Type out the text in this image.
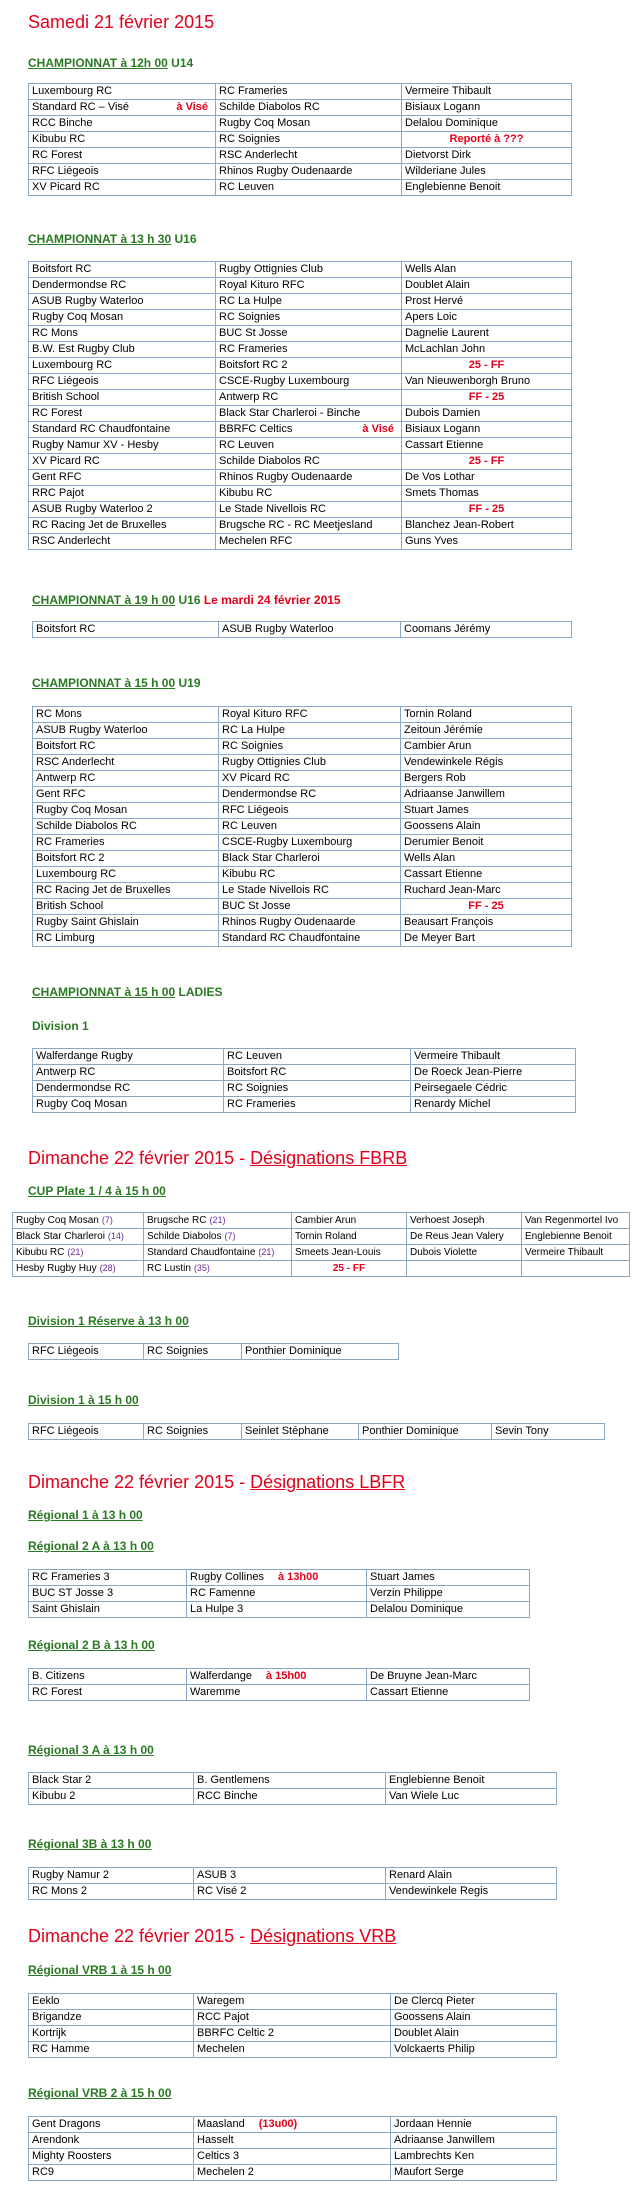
Samedi 21 février 2015
CHAMPIONNAT à 12h 00 U14
Luxembourg RC	RC Frameries	Vermeire Thibault
Standard RC – Visé à Visé	Schilde Diabolos RC	Bisiaux Logann
RCC Binche	Rugby Coq Mosan	Delalou Dominique
Kibubu RC	RC Soignies	Reporté à ???
RC Forest	RSC Anderlecht	Dietvorst Dirk
RFC Liégeois	Rhinos Rugby Oudenaarde	Wilderiane Jules
XV Picard RC	RC Leuven	Englebienne Benoit
CHAMPIONNAT à 13 h 30 U16
Boitsfort RC	Rugby Ottignies Club	Wells Alan
Dendermondse RC	Royal Kituro RFC	Doublet Alain
ASUB Rugby Waterloo	RC La Hulpe	Prost Hervé
Rugby Coq Mosan	RC Soignies	Apers Loic
RC Mons	BUC St Josse	Dagnelie Laurent
B.W. Est Rugby Club	RC Frameries	McLachlan John
Luxembourg RC	Boitsfort RC 2	25 - FF
RFC Liégeois	CSCE-Rugby Luxembourg	Van Nieuwenborgh Bruno
British School	Antwerp RC	FF - 25
RC Forest	Black Star Charleroi - Binche	Dubois Damien
Standard RC Chaudfontaine	BBRFC Celtics à Visé	Bisiaux Logann
Rugby Namur XV - Hesby	RC Leuven	Cassart Etienne
XV Picard RC	Schilde Diabolos RC	25 - FF
Gent RFC	Rhinos Rugby Oudenaarde	De Vos Lothar
RRC Pajot	Kibubu RC	Smets Thomas
ASUB Rugby Waterloo 2	Le Stade Nivellois RC	FF - 25
RC Racing Jet de Bruxelles	Brugsche RC - RC Meetjesland	Blanchez Jean-Robert
RSC Anderlecht	Mechelen RFC	Guns Yves
CHAMPIONNAT à 19 h 00 U16 Le mardi 24 février 2015
Boitsfort RC	ASUB Rugby Waterloo	Coomans Jérémy
CHAMPIONNAT à 15 h 00 U19
RC Mons	Royal Kituro RFC	Tornin Roland
ASUB Rugby Waterloo	RC La Hulpe	Zeitoun Jérémie
Boitsfort RC	RC Soignies	Cambier Arun
RSC Anderlecht	Rugby Ottignies Club	Vendewinkele Régis
Antwerp RC	XV Picard RC	Bergers Rob
Gent RFC	Dendermondse RC	Adriaanse Janwillem
Rugby Coq Mosan	RFC Liégeois	Stuart James
Schilde Diabolos RC	RC Leuven	Goossens Alain
RC Frameries	CSCE-Rugby Luxembourg	Derumier Benoit
Boitsfort RC 2	Black Star Charleroi	Wells Alan
Luxembourg RC	Kibubu RC	Cassart Etienne
RC Racing Jet de Bruxelles	Le Stade Nivellois RC	Ruchard Jean-Marc
British School	BUC St Josse	FF - 25
Rugby Saint Ghislain	Rhinos Rugby Oudenaarde	Beausart François
RC Limburg	Standard RC Chaudfontaine	De Meyer Bart
CHAMPIONNAT à 15 h 00 LADIES
Division 1
Walferdange Rugby	RC Leuven	Vermeire Thibault
Antwerp RC	Boitsfort RC	De Roeck Jean-Pierre
Dendermondse RC	RC Soignies	Peirsegaele Cédric
Rugby Coq Mosan	RC Frameries	Renardy Michel
Dimanche 22 février 2015 - Désignations FBRB
CUP Plate 1 / 4 à 15 h 00
Rugby Coq Mosan (7)	Brugsche RC (21)	Cambier Arun	Verhoest Joseph	Van Regenmortel Ivo
Black Star Charleroi (14)	Schilde Diabolos (7)	Tornin Roland	De Reus Jean Valery	Englebienne Benoit
Kibubu RC (21)	Standard Chaudfontaine (21)	Smeets Jean-Louis	Dubois Violette	Vermeire Thibault
Hesby Rugby Huy (28)	RC Lustin (35)	25 - FF		
Division 1 Réserve à 13 h 00
RFC Liégeois	RC Soignies	Ponthier Dominique
Division 1 à 15 h 00
RFC Liégeois	RC Soignies	Seinlet Stéphane	Ponthier Dominique	Sevin Tony
Dimanche 22 février 2015 - Désignations LBFR
Régional 1 à 13 h 00
Régional 2 A à 13 h 00
RC Frameries 3	Rugby Collines à 13h00	Stuart James
BUC ST Josse 3	RC Famenne	Verzin Philippe
Saint Ghislain	La Hulpe 3	Delalou Dominique
Régional 2 B à 13 h 00
B. Citizens	Walferdange à 15h00	De Bruyne Jean-Marc
RC Forest	Waremme	Cassart Etienne
Régional 3 A à 13 h 00
Black Star 2	B. Gentlemens	Englebienne Benoit
Kibubu 2	RCC Binche	Van Wiele Luc
Régional 3B à 13 h 00
Rugby Namur 2	ASUB 3	Renard Alain
RC Mons 2	RC Visé 2	Vendewinkele Regis
Dimanche 22 février 2015 - Désignations VRB
Régional VRB 1 à 15 h 00
Eeklo	Waregem	De Clercq Pieter
Brigandze	RCC Pajot	Goossens Alain
Kortrijk	BBRFC Celtic 2	Doublet Alain
RC Hamme	Mechelen	Volckaerts Philip
Régional VRB 2 à 15 h 00
Gent Dragons	Maasland (13u00)	Jordaan Hennie
Arendonk	Hasselt	Adriaanse Janwillem
Mighty Roosters	Celtics 3	Lambrechts Ken
RC9	Mechelen 2	Maufort Serge
